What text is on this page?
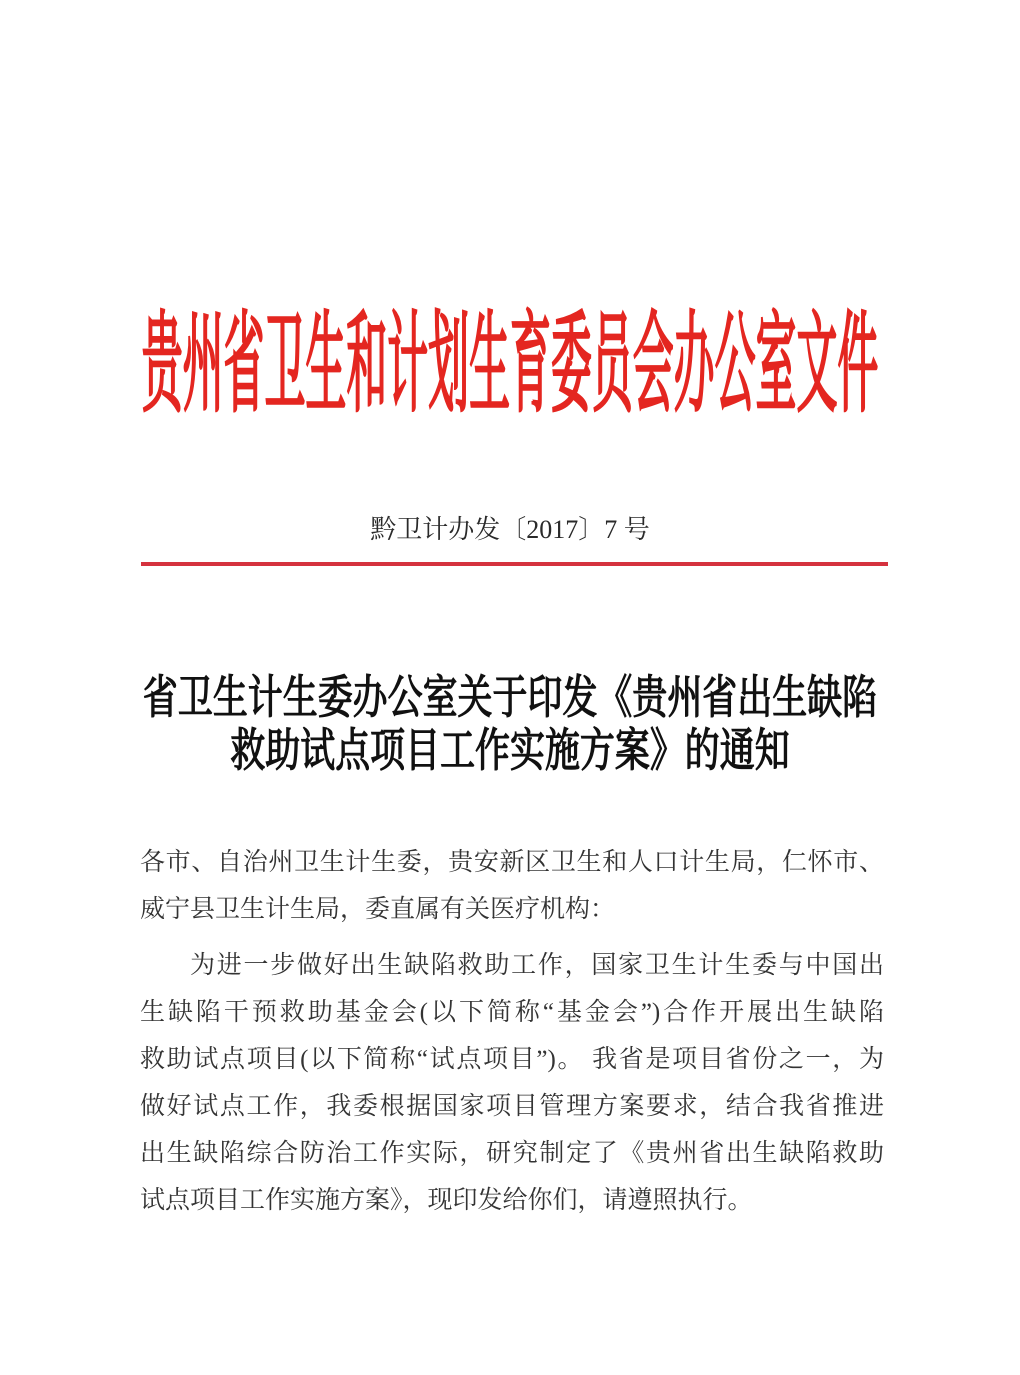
贵州省卫生和计划生育委员会办公室文件
黔卫计办发〔2017〕7 号
省卫生计生委办公室关于印发《贵州省出生缺陷
救助试点项目工作实施方案》的通知
各市、自治州卫生计生委，贵安新区卫生和人口计生局，仁怀市、
威宁县卫生计生局，委直属有关医疗机构：
为进一步做好出生缺陷救助工作，国家卫生计生委与中国出
生缺陷干预救助基金会(以下简称“基金会”)合作开展出生缺陷
救助试点项目(以下简称“试点项目”)。 我省是项目省份之一，为
做好试点工作，我委根据国家项目管理方案要求，结合我省推进
出生缺陷综合防治工作实际，研究制定了《贵州省出生缺陷救助
试点项目工作实施方案》，现印发给你们，请遵照执行。
